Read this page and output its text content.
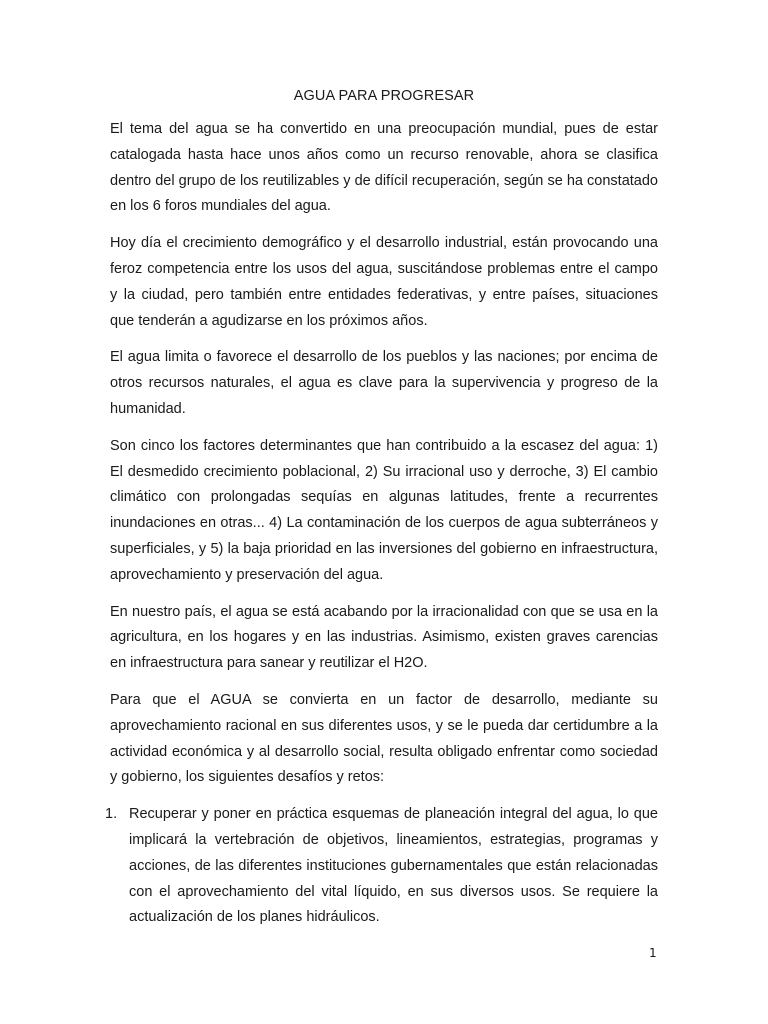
AGUA PARA PROGRESAR

El tema del agua se ha convertido en una preocupación mundial, pues de estar catalogada hasta hace unos años como un recurso renovable, ahora se clasifica dentro del grupo de los reutilizables y de difícil recuperación, según se ha constatado en los 6 foros mundiales del agua.

Hoy día el crecimiento demográfico y el desarrollo industrial, están provocando una feroz competencia entre los usos del agua, suscitándose problemas entre el campo y la ciudad, pero también entre entidades federativas, y entre países, situaciones que tenderán a agudizarse en los próximos años.

El agua limita o favorece el desarrollo de los pueblos y las naciones; por encima de otros recursos naturales, el agua es clave para la supervivencia y progreso de la humanidad.

Son cinco los factores determinantes que han contribuido a la escasez del agua: 1) El desmedido crecimiento poblacional, 2) Su irracional uso y derroche, 3) El cambio climático con prolongadas sequías en algunas latitudes, frente a recurrentes inundaciones en otras... 4) La contaminación de los cuerpos de agua subterráneos y superficiales, y 5) la baja prioridad en las inversiones del gobierno en infraestructura, aprovechamiento y preservación del agua.

En nuestro país, el agua se está acabando por la irracionalidad con que se usa en la agricultura, en los hogares y en las industrias. Asimismo, existen graves carencias en infraestructura para sanear y reutilizar el H2O.

Para que el AGUA se convierta en un factor de desarrollo, mediante su aprovechamiento racional en sus diferentes usos, y se le pueda dar certidumbre a la actividad económica y al desarrollo social, resulta obligado enfrentar como sociedad y gobierno, los siguientes desafíos y retos:

1. Recuperar y poner en práctica esquemas de planeación integral del agua, lo que implicará la vertebración de objetivos, lineamientos, estrategias, programas y acciones, de las diferentes instituciones gubernamentales que están relacionadas con el aprovechamiento del vital líquido, en sus diversos usos. Se requiere la actualización de los planes hidráulicos.
1
